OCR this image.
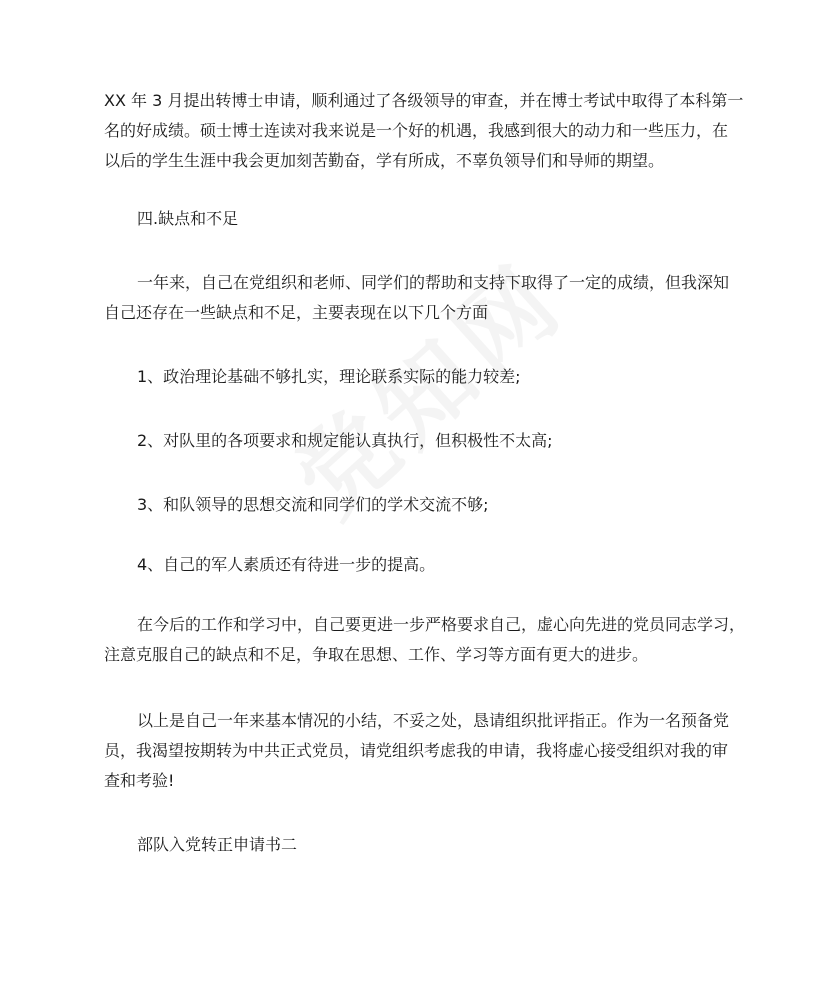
XX 年 3 月提出转博士申请，顺利通过了各级领导的审查，并在博士考试中取得了本科第一
名的好成绩。硕士博士连读对我来说是一个好的机遇，我感到很大的动力和一些压力，在
以后的学生生涯中我会更加刻苦勤奋，学有所成，不辜负领导们和导师的期望。

四.缺点和不足

一年来，自己在党组织和老师、同学们的帮助和支持下取得了一定的成绩，但我深知
自己还存在一些缺点和不足，主要表现在以下几个方面

1、政治理论基础不够扎实，理论联系实际的能力较差;

2、对队里的各项要求和规定能认真执行，但积极性不太高;

3、和队领导的思想交流和同学们的学术交流不够;

4、自己的军人素质还有待进一步的提高。

在今后的工作和学习中，自己要更进一步严格要求自己，虚心向先进的党员同志学习，
注意克服自己的缺点和不足，争取在思想、工作、学习等方面有更大的进步。

以上是自己一年来基本情况的小结，不妥之处，恳请组织批评指正。作为一名预备党
员，我渴望按期转为中共正式党员，请党组织考虑我的申请，我将虚心接受组织对我的审
查和考验!

部队入党转正申请书二
